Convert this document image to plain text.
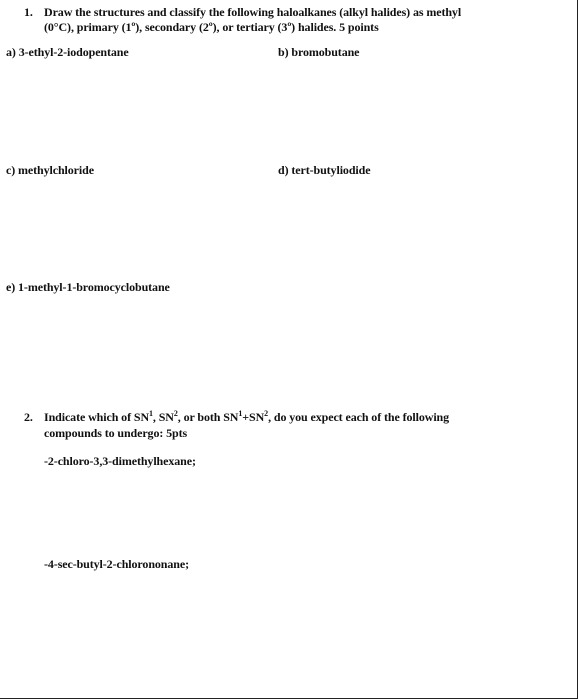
1. Draw the structures and classify the following haloalkanes (alkyl halides) as methyl
(0°C), primary (1º), secondary (2º), or tertiary (3º) halides. 5 points
a) 3-ethyl-2-iodopentane	b) bromobutane
c) methylchloride	d) tert-butyliodide
e) 1-methyl-1-bromocyclobutane
2. Indicate which of $SN^1$, $SN^2$, or both $SN^1+SN^2$, do you expect each of the following
compounds to undergo: 5pts
-2-chloro-3,3-dimethylhexane;
-4-sec-butyl-2-chlorononane;
